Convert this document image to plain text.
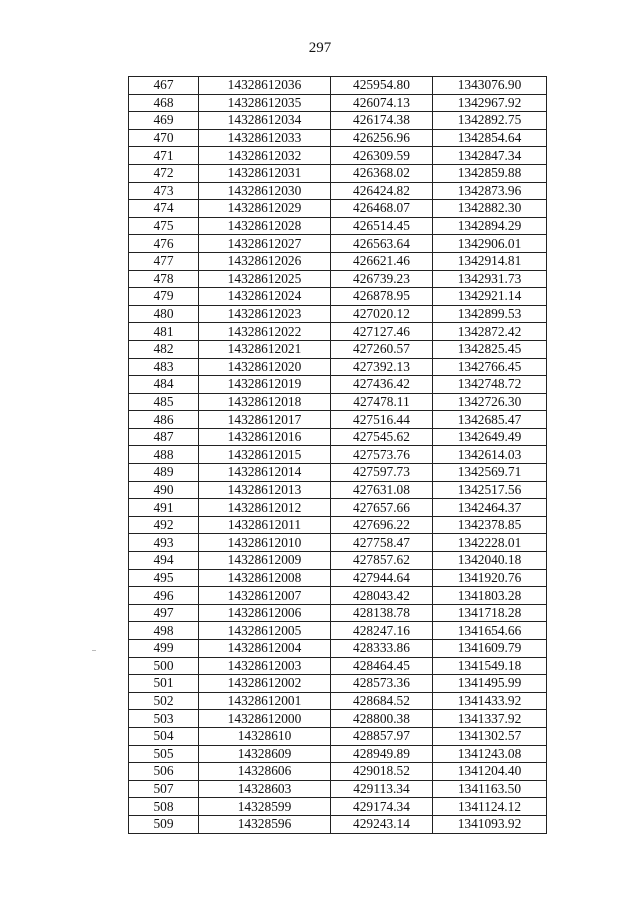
297
467	14328612036	425954.80	1343076.90
468	14328612035	426074.13	1342967.92
469	14328612034	426174.38	1342892.75
470	14328612033	426256.96	1342854.64
471	14328612032	426309.59	1342847.34
472	14328612031	426368.02	1342859.88
473	14328612030	426424.82	1342873.96
474	14328612029	426468.07	1342882.30
475	14328612028	426514.45	1342894.29
476	14328612027	426563.64	1342906.01
477	14328612026	426621.46	1342914.81
478	14328612025	426739.23	1342931.73
479	14328612024	426878.95	1342921.14
480	14328612023	427020.12	1342899.53
481	14328612022	427127.46	1342872.42
482	14328612021	427260.57	1342825.45
483	14328612020	427392.13	1342766.45
484	14328612019	427436.42	1342748.72
485	14328612018	427478.11	1342726.30
486	14328612017	427516.44	1342685.47
487	14328612016	427545.62	1342649.49
488	14328612015	427573.76	1342614.03
489	14328612014	427597.73	1342569.71
490	14328612013	427631.08	1342517.56
491	14328612012	427657.66	1342464.37
492	14328612011	427696.22	1342378.85
493	14328612010	427758.47	1342228.01
494	14328612009	427857.62	1342040.18
495	14328612008	427944.64	1341920.76
496	14328612007	428043.42	1341803.28
497	14328612006	428138.78	1341718.28
498	14328612005	428247.16	1341654.66
499	14328612004	428333.86	1341609.79
500	14328612003	428464.45	1341549.18
501	14328612002	428573.36	1341495.99
502	14328612001	428684.52	1341433.92
503	14328612000	428800.38	1341337.92
504	14328610	428857.97	1341302.57
505	14328609	428949.89	1341243.08
506	14328606	429018.52	1341204.40
507	14328603	429113.34	1341163.50
508	14328599	429174.34	1341124.12
509	14328596	429243.14	1341093.92
